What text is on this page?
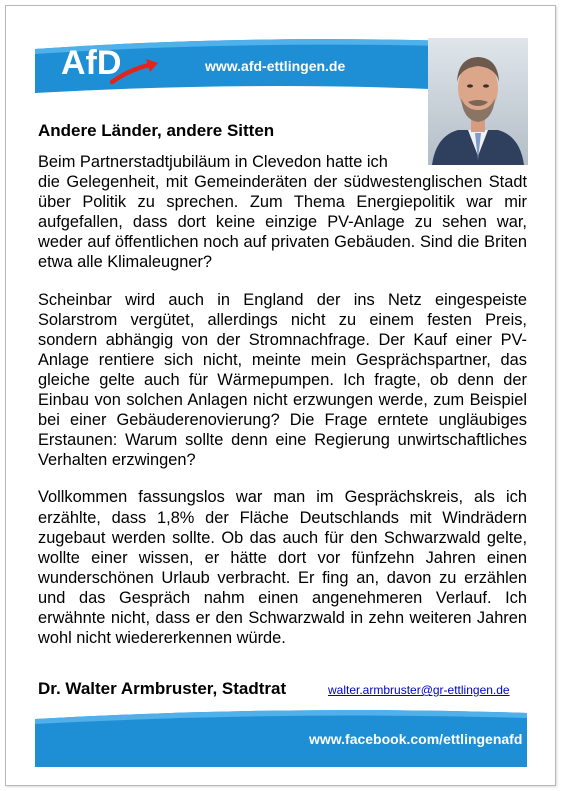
AfD	www.afd-ettlingen.de
Andere Länder, andere Sitten

Beim Partnerstadtjubiläum in Clevedon hatte ich
die Gelegenheit, mit Gemeinderäten der südwestenglischen Stadt über Politik zu sprechen. Zum Thema Energiepolitik war mir aufgefallen, dass dort keine einzige PV-Anlage zu sehen war, weder auf öffentlichen noch auf privaten Gebäuden. Sind die Briten etwa alle Klimaleugner?

Scheinbar wird auch in England der ins Netz eingespeiste Solarstrom vergütet, allerdings nicht zu einem festen Preis, sondern abhängig von der Stromnachfrage. Der Kauf einer PV-Anlage rentiere sich nicht, meinte mein Gesprächspartner, das gleiche gelte auch für Wärmepumpen. Ich fragte, ob denn der Einbau von solchen Anlagen nicht erzwungen werde, zum Beispiel bei einer Gebäuderenovierung? Die Frage erntete ungläubiges Erstaunen: Warum sollte denn eine Regierung unwirtschaftliches Verhalten erzwingen?

Vollkommen fassungslos war man im Gesprächskreis, als ich erzählte, dass 1,8% der Fläche Deutschlands mit Windrädern zugebaut werden sollte. Ob das auch für den Schwarzwald gelte, wollte einer wissen, er hätte dort vor fünfzehn Jahren einen wunderschönen Urlaub verbracht. Er fing an, davon zu erzählen und das Gespräch nahm einen angenehmeren Verlauf. Ich erwähnte nicht, dass er den Schwarzwald in zehn weiteren Jahren wohl nicht wiedererkennen würde.

Dr. Walter Armbruster, Stadtrat	walter.armbruster@gr-ettlingen.de
www.facebook.com/ettlingenafd
